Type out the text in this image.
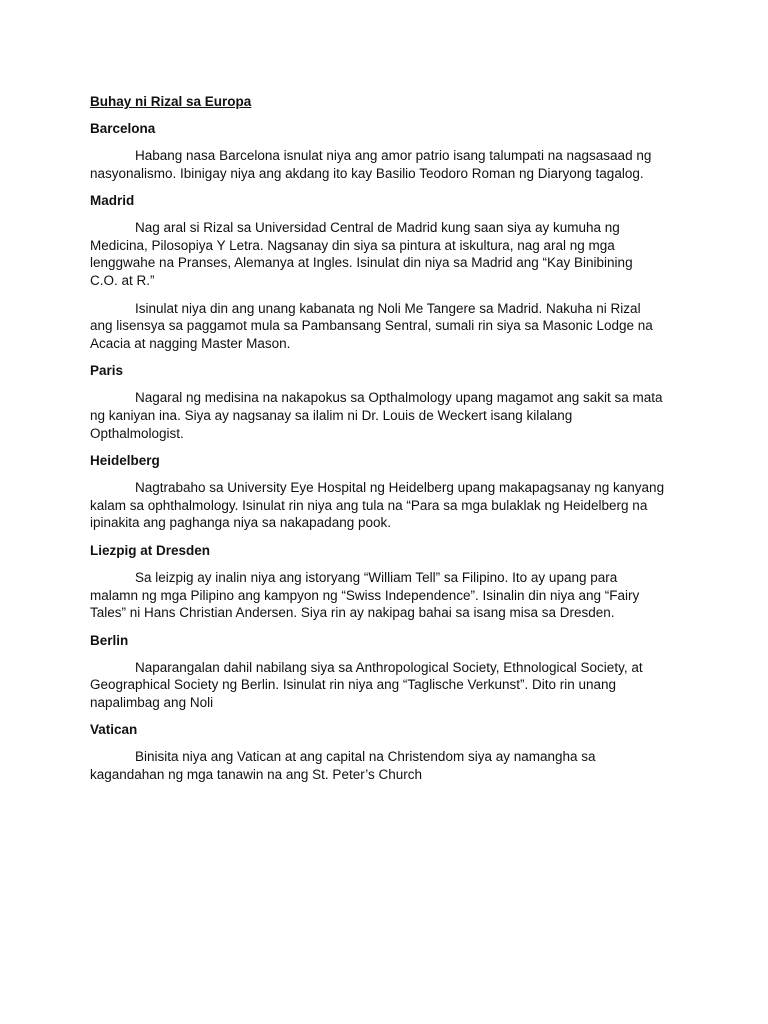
Buhay ni Rizal sa Europa
Barcelona

Habang nasa Barcelona isnulat niya ang amor patrio isang talumpati na nagsasaad ng
nasyonalismo. Ibinigay niya ang akdang ito kay Basilio Teodoro Roman ng Diaryong tagalog.

Madrid

Nag aral si Rizal sa Universidad Central de Madrid kung saan siya ay kumuha ng
Medicina, Pilosopiya Y Letra. Nagsanay din siya sa pintura at iskultura, nag aral ng mga
lenggwahe na Pranses, Alemanya at Ingles. Isinulat din niya sa Madrid ang “Kay Binibining
C.O. at R.”

Isinulat niya din ang unang kabanata ng Noli Me Tangere sa Madrid. Nakuha ni Rizal
ang lisensya sa paggamot mula sa Pambansang Sentral, sumali rin siya sa Masonic Lodge na
Acacia at nagging Master Mason.

Paris

Nagaral ng medisina na nakapokus sa Opthalmology upang magamot ang sakit sa mata
ng kaniyan ina. Siya ay nagsanay sa ilalim ni Dr. Louis de Weckert isang kilalang
Opthalmologist.

Heidelberg

Nagtrabaho sa University Eye Hospital ng Heidelberg upang makapagsanay ng kanyang
kalam sa ophthalmology. Isinulat rin niya ang tula na “Para sa mga bulaklak ng Heidelberg na
ipinakita ang paghanga niya sa nakapadang pook.

Liezpig at Dresden

Sa leizpig ay inalin niya ang istoryang “William Tell” sa Filipino. Ito ay upang para
malamn ng mga Pilipino ang kampyon ng “Swiss Independence”. Isinalin din niya ang “Fairy
Tales” ni Hans Christian Andersen. Siya rin ay nakipag bahai sa isang misa sa Dresden.

Berlin

Naparangalan dahil nabilang siya sa Anthropological Society, Ethnological Society, at
Geographical Society ng Berlin. Isinulat rin niya ang “Taglische Verkunst”. Dito rin unang
napalimbag ang Noli

Vatican

Binisita niya ang Vatican at ang capital na Christendom siya ay namangha sa
kagandahan ng mga tanawin na ang St. Peter’s Church
